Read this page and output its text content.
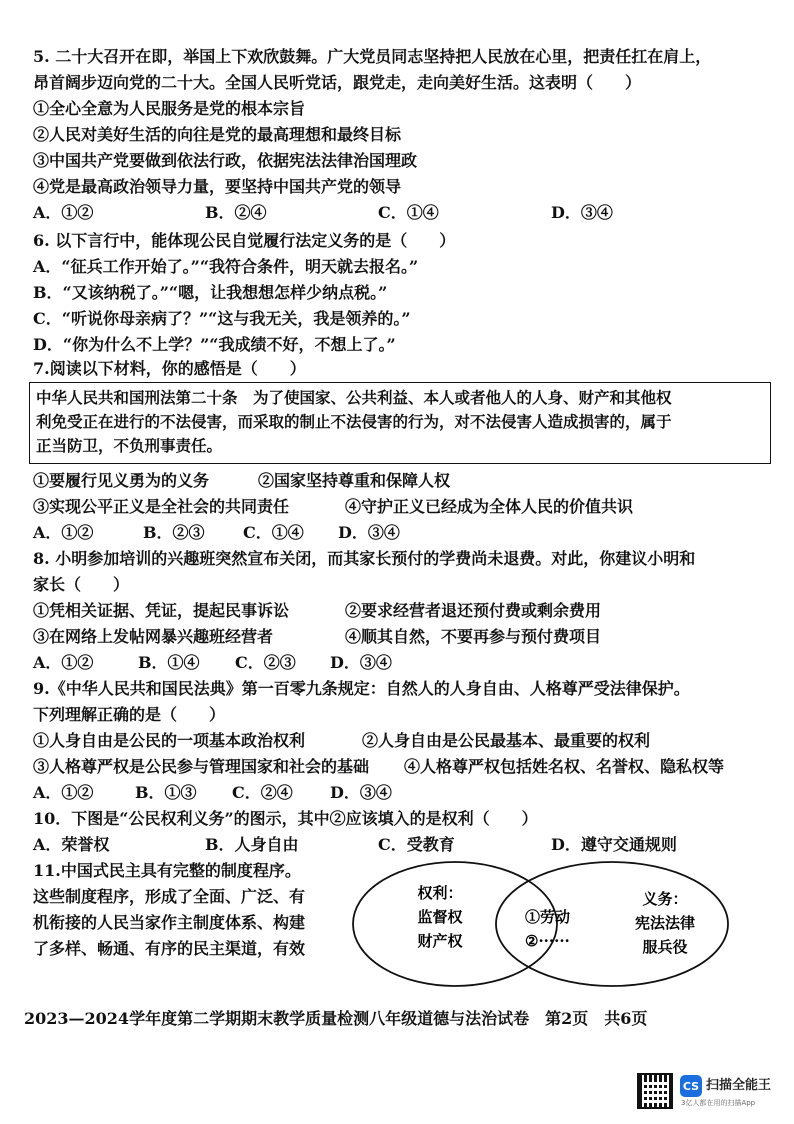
5. 二十大召开在即，举国上下欢欣鼓舞。广大党员同志坚持把人民放在心里，把责任扛在肩上，
昂首阔步迈向党的二十大。全国人民听党话，跟党走，走向美好生活。这表明（　　）
①全心全意为人民服务是党的根本宗旨
②人民对美好生活的向往是党的最高理想和最终目标
③中国共产党要做到依法行政，依据宪法法律治国理政
④党是最高政治领导力量，要坚持中国共产党的领导
A．①②	B．②④	C．①④	D．③④
6. 以下言行中，能体现公民自觉履行法定义务的是（　　）
A．“征兵工作开始了。”“我符合条件，明天就去报名。”
B．“又该纳税了。”“嗯，让我想想怎样少纳点税。”
C．“听说你母亲病了？”“这与我无关，我是领养的。”
D．“你为什么不上学？”“我成绩不好，不想上了。”
7.阅读以下材料，你的感悟是（　　）
中华人民共和国刑法第二十条　为了使国家、公共利益、本人或者他人的人身、财产和其他权
利免受正在进行的不法侵害，而采取的制止不法侵害的行为，对不法侵害人造成损害的，属于
正当防卫，不负刑事责任。
①要履行见义勇为的义务	②国家坚持尊重和保障人权
③实现公平正义是全社会的共同责任	④守护正义已经成为全体人民的价值共识
A．①②	B．②③ C．①④ D．③④
8. 小明参加培训的兴趣班突然宣布关闭，而其家长预付的学费尚未退费。对此，你建议小明和
家长（　　）
①凭相关证据、凭证，提起民事诉讼	②要求经营者退还预付费或剩余费用
③在网络上发帖网暴兴趣班经营者	④顺其自然，不要再参与预付费项目
A．①②	B．①④ C．②③ D．③④
9.《中华人民共和国民法典》第一百零九条规定：自然人的人身自由、人格尊严受法律保护。
下列理解正确的是（　　）
①人身自由是公民的一项基本政治权利	②人身自由是公民最基本、最重要的权利
③人格尊严权是公民参与管理国家和社会的基础 ④人格尊严权包括姓名权、名誉权、隐私权等
A．①②	B．①③ C．②④ D．③④
10．下图是“公民权利义务”的图示，其中②应该填入的是权利（　　）
A．荣誉权	B．人身自由	C．受教育	D．遵守交通规则
11.中国式民主具有完整的制度程序。
这些制度程序，形成了全面、广泛、有
机衔接的人民当家作主制度体系、构建
了多样、畅通、有序的民主渠道，有效
权利：
监督权
财产权
①劳动
②······
义务：
宪法法律
服兵役
2023—2024学年度第二学期期末教学质量检测八年级道德与法治试卷　第2页　共6页
CS 扫描全能王
3亿人都在用的扫描App
